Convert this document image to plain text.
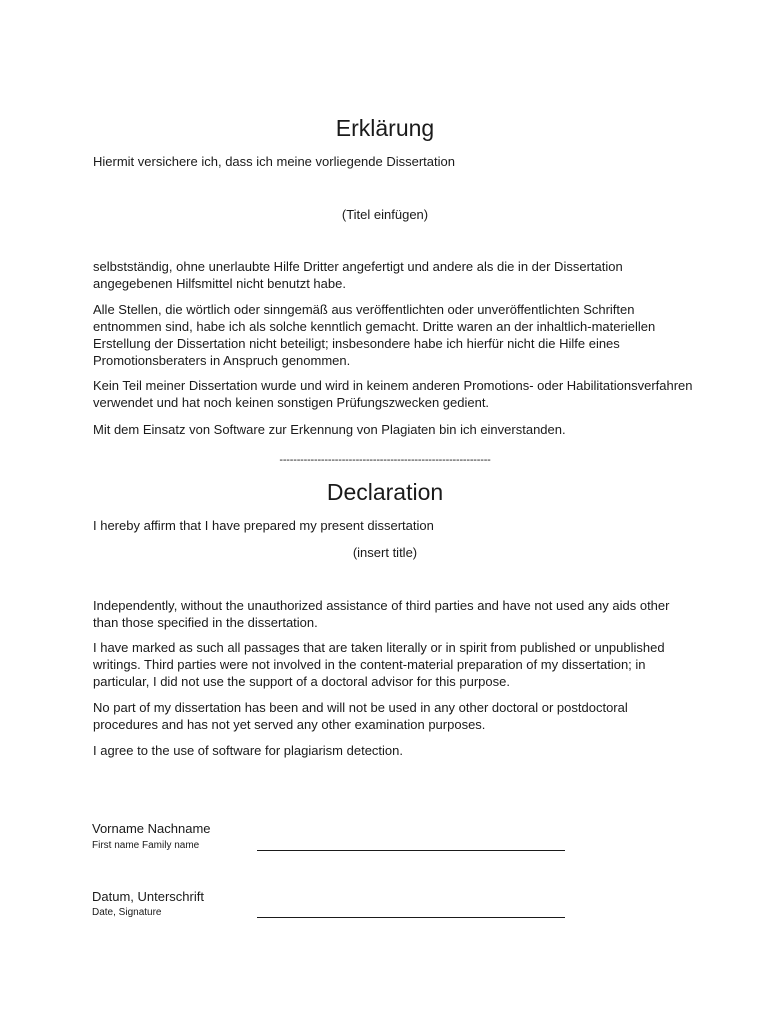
Erklärung

Hiermit versichere ich, dass ich meine vorliegende Dissertation

(Titel einfügen)

selbstständig, ohne unerlaubte Hilfe Dritter angefertigt und andere als die in der Dissertation angegebenen Hilfsmittel nicht benutzt habe.

Alle Stellen, die wörtlich oder sinngemäß aus veröffentlichten oder unveröffentlichten Schriften entnommen sind, habe ich als solche kenntlich gemacht. Dritte waren an der inhaltlich-materiellen Erstellung der Dissertation nicht beteiligt; insbesondere habe ich hierfür nicht die Hilfe eines Promotionsberaters in Anspruch genommen.

Kein Teil meiner Dissertation wurde und wird in keinem anderen Promotions- oder Habilitationsverfahren verwendet und hat noch keinen sonstigen Prüfungszwecken gedient.

Mit dem Einsatz von Software zur Erkennung von Plagiaten bin ich einverstanden.

-------------------------------------------------------------

Declaration

I hereby affirm that I have prepared my present dissertation

(insert title)

Independently, without the unauthorized assistance of third parties and have not used any aids other than those specified in the dissertation.

I have marked as such all passages that are taken literally or in spirit from published or unpublished writings. Third parties were not involved in the content-material preparation of my dissertation; in particular, I did not use the support of a doctoral advisor for this purpose.

No part of my dissertation has been and will not be used in any other doctoral or postdoctoral procedures and has not yet served any other examination purposes.

I agree to the use of software for plagiarism detection.

Vorname Nachname

First name Family name

Datum, Unterschrift

Date, Signature
